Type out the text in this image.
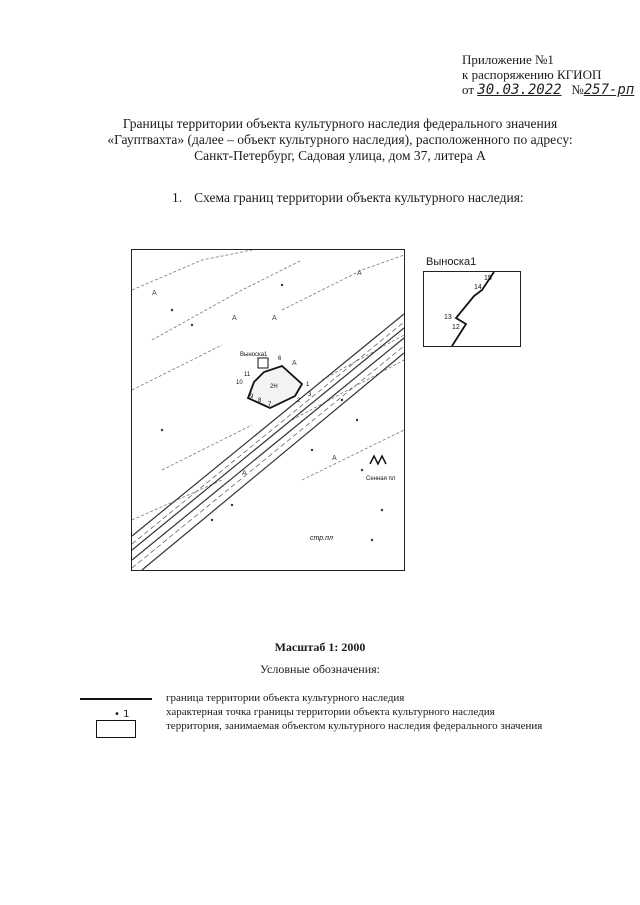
Приложение №1
к распоряжению КГИОП
от 30.03.2022 №257-рп
Границы территории объекта культурного наследия федерального значения
«Гауптвахта» (далее – объект культурного наследия), расположенного по адресу:
Санкт-Петербург, Садовая улица, дом 37, литера А
1. Схема границ территории объекта культурного наследия:
А
А
А
А
А
А
А
Выноска1
2Н	1
2
3
6
7
8
9
10
11
стр.пл
Сенная пл
Выноска1
15
14
13
12
Масштаб 1: 2000
Условные обозначения:
граница территории объекта культурного наследия
• 1	характерная точка границы территории объекта культурного наследия
территория, занимаемая объектом культурного наследия федерального значения
